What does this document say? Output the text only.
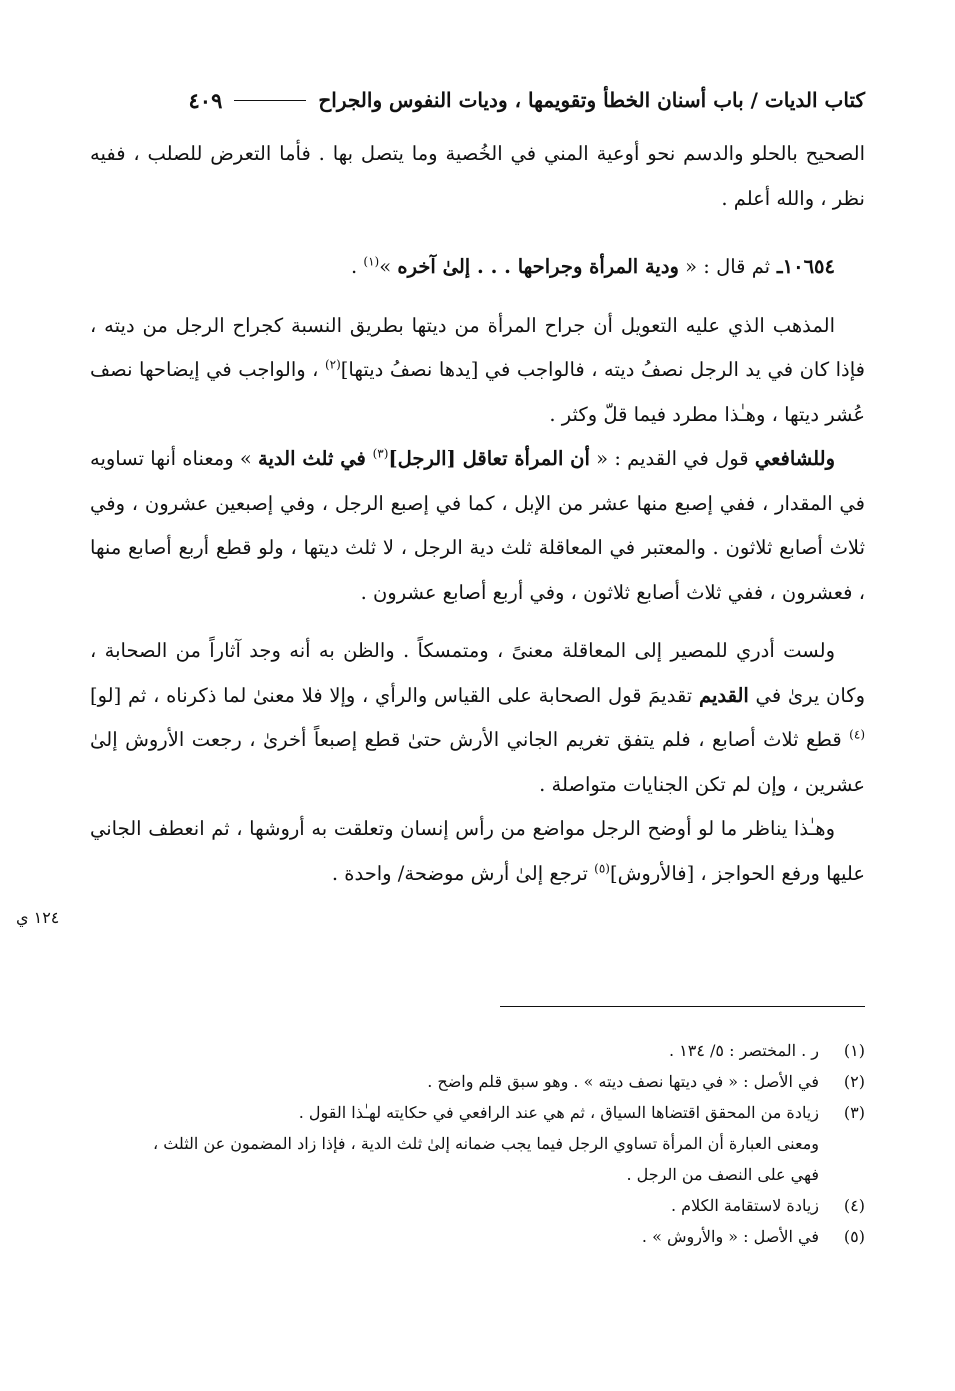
كتاب الديات / باب أسنان الخطأ وتقويمها ، وديات النفوس والجراح
٤٠٩

الصحيح بالحلو والدسم نحو أوعية المني في الخُصية وما يتصل بها . فأما التعرض للصلب ، ففيه نظر ، والله أعلم .

١٠٦٥٤ـ ثم قال : « ودية المرأة وجراحها . . . إلىٰ آخره »$^{(١)}$ .

المذهب الذي عليه التعويل أن جراح المرأة من ديتها بطريق النسبة كجراح الرجل من ديته ، فإذا كان في يد الرجل نصفُ ديته ، فالواجب في [يدها نصفُ ديتها]$^{(٢)}$ ، والواجب في إيضاحها نصف عُشر ديتها ، وهـٰذا مطرد فيما قلّ وكثر .

وللشافعي قول في القديم : « أن المرأة تعاقل [الرجل]$^{(٣)}$ في ثلث الدية » ومعناه أنها تساويه في المقدار ، ففي إصبع منها عشر من الإبل ، كما في إصبع الرجل ، وفي إصبعين عشرون ، وفي ثلاث أصابع ثلاثون . والمعتبر في المعاقلة ثلث دية الرجل ، لا ثلث ديتها ، ولو قطع أربع أصابع منها ، فعشرون ، ففي ثلاث أصابع ثلاثون ، وفي أربع أصابع عشرون .

ولست أدري للمصير إلى المعاقلة معنىً ، ومتمسكاً . والظن به أنه وجد آثاراً من الصحابة ، وكان يرىٰ في القديم تقديمَ قول الصحابة على القياس والرأي ، وإلا فلا معنىٰ لما ذكرناه ، ثم [لو]$^{(٤)}$ قطع ثلاث أصابع ، فلم يتفق تغريم الجاني الأرش حتىٰ قطع إصبعاً أخرىٰ ، رجعت الأروش إلىٰ عشرين ، وإن لم تكن الجنايات متواصلة .

وهـٰذا يناظر ما لو أوضح الرجل مواضع من رأس إنسان وتعلقت به أروشها ، ثم انعطف الجاني عليها ورفع الحواجز ، [فالأروش]$^{(٥)}$ ترجع إلىٰ أرش موضحة/ واحدة .

١٢٤ ي
(١)
ر . المختصر : ٥/ ١٣٤ .
(٢)
في الأصل : « في ديتها نصف ديته » . وهو سبق قلم واضح .
(٣)
زيادة من المحقق اقتضاها السياق ، ثم هي عند الرافعي في حكايته لهـٰذا القول .
ومعنى العبارة أن المرأة تساوي الرجل فيما يجب ضمانه إلىٰ ثلث الدية ، فإذا زاد المضمون عن الثلث ، فهي على النصف من الرجل .
(٤)
زيادة لاستقامة الكلام .
(٥)
في الأصل : « والأروش » .
